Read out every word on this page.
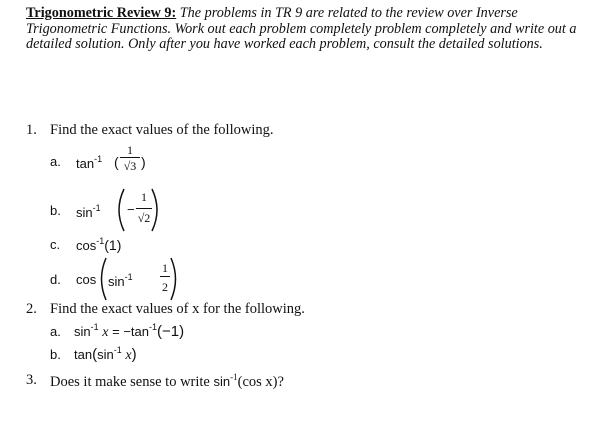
Trigonometric Review 9: The problems in TR 9 are related to the review over Inverse Trigonometric Functions. Work out each problem completely problem completely and write out a detailed solution. Only after you have worked each problem, consult the detailed solutions.
1. Find the exact values of the following.
a. $\tan^{-1}$ (
1
√3 )
b. $\sin^{-1}$ −
1
√2
c. $\cos^{-1}(1)$
d. $\cos \sin^{-1}$
1
2
2. Find the exact values of x for the following.
a. $\sin^{-1} x = -\tan^{-1}(-1)$
b. $\tan(\sin^{-1}$ x)
3. Does it make sense to write $\sin^{-1}(\cos$ x)?
